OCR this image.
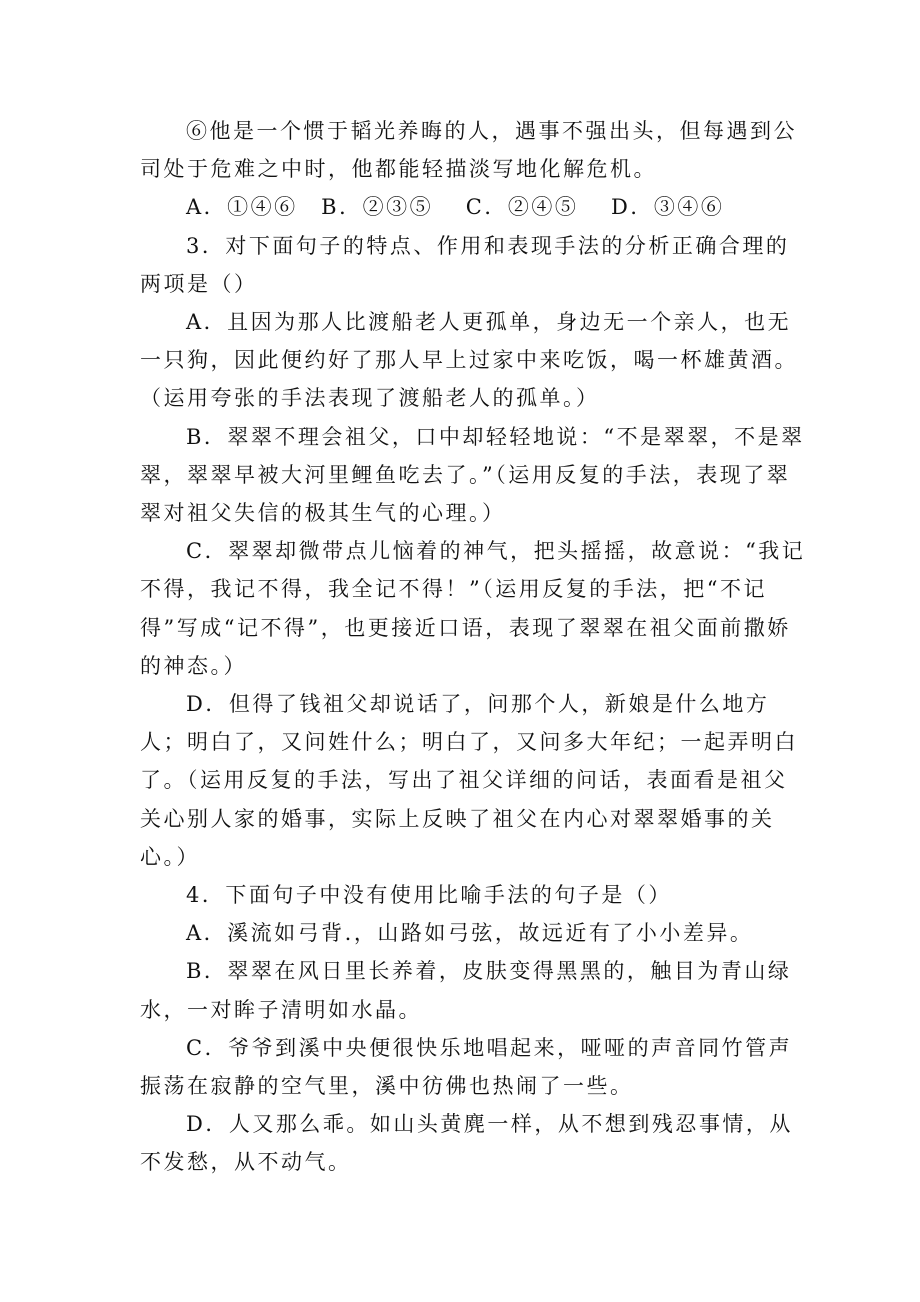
⑥他是一个惯于韬光养晦的人，遇事不强出头，但每遇到公司处于危难之中时，他都能轻描淡写地化解危机。

A．①④⑥　B．②③⑤　 C．②④⑤　 D．③④⑥

3．对下面句子的特点、作用和表现手法的分析正确合理的两项是（）

A．且因为那人比渡船老人更孤单，身边无一个亲人，也无一只狗，因此便约好了那人早上过家中来吃饭，喝一杯雄黄酒。（运用夸张的手法表现了渡船老人的孤单。）

B．翠翠不理会祖父，口中却轻轻地说：“不是翠翠，不是翠翠，翠翠早被大河里鲤鱼吃去了。”（运用反复的手法，表现了翠翠对祖父失信的极其生气的心理。）

C．翠翠却微带点儿恼着的神气，把头摇摇，故意说：“我记不得，我记不得，我全记不得！”（运用反复的手法，把“不记得”写成“记不得”，也更接近口语，表现了翠翠在祖父面前撒娇的神态。）

D．但得了钱祖父却说话了，问那个人，新娘是什么地方人；明白了，又问姓什么；明白了，又问多大年纪；一起弄明白了。（运用反复的手法，写出了祖父详细的问话，表面看是祖父关心别人家的婚事，实际上反映了祖父在内心对翠翠婚事的关心。）

4．下面句子中没有使用比喻手法的句子是（）

A．溪流如弓背.，山路如弓弦，故远近有了小小差异。

B．翠翠在风日里长养着，皮肤变得黑黑的，触目为青山绿水，一对眸子清明如水晶。

C．爷爷到溪中央便很快乐地唱起来，哑哑的声音同竹管声振荡在寂静的空气里，溪中彷佛也热闹了一些。

D．人又那么乖。如山头黄麂一样，从不想到残忍事情，从不发愁，从不动气。
